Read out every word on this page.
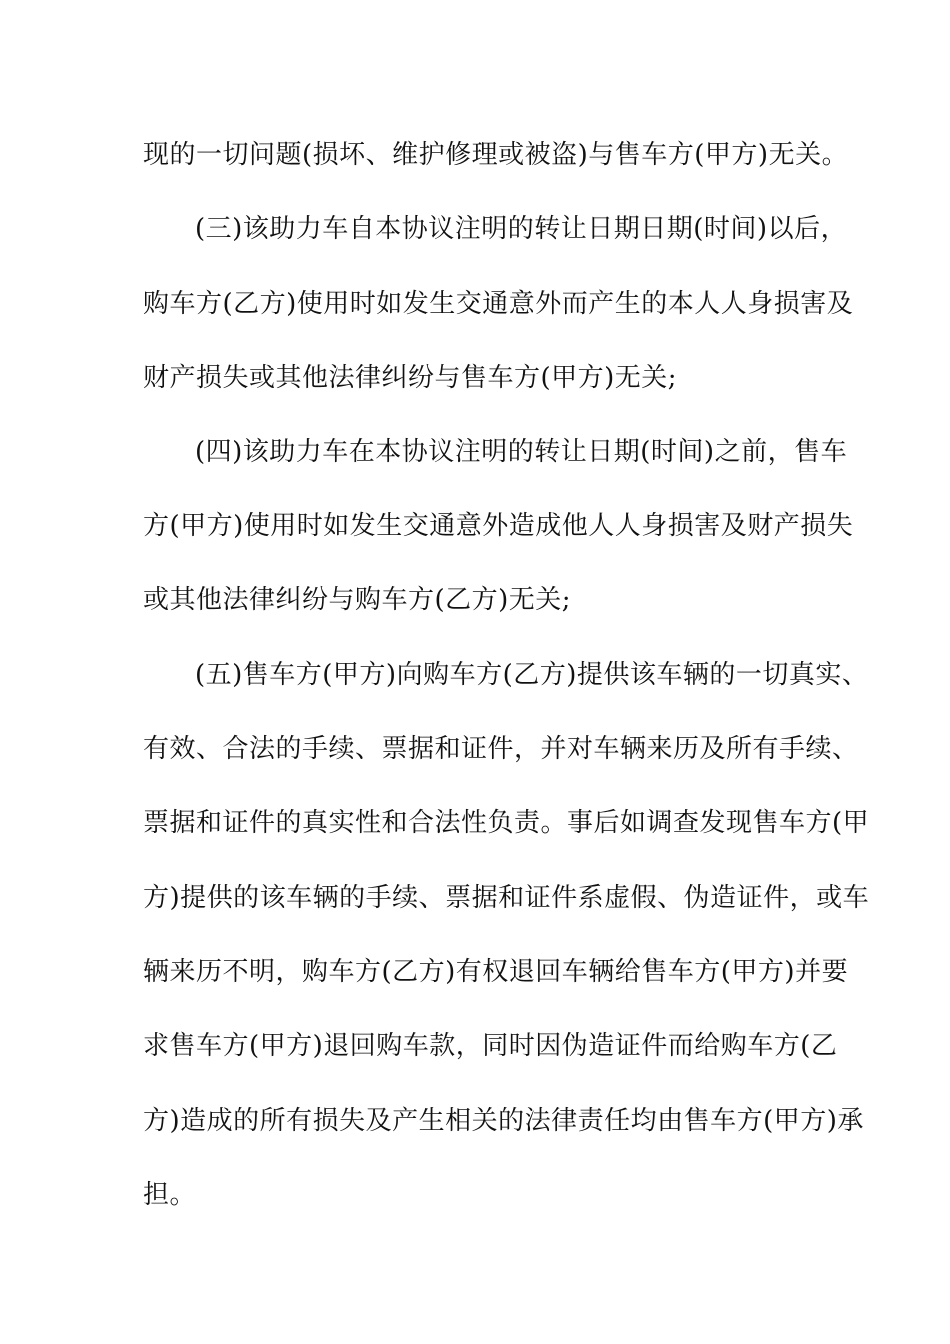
现的一切问题(损坏、维护修理或被盗)与售车方(甲方)无关。
(三)该助力车自本协议注明的转让日期日期(时间)以后，
购车方(乙方)使用时如发生交通意外而产生的本人人身损害及
财产损失或其他法律纠纷与售车方(甲方)无关;
(四)该助力车在本协议注明的转让日期(时间)之前，售车
方(甲方)使用时如发生交通意外造成他人人身损害及财产损失
或其他法律纠纷与购车方(乙方)无关;
(五)售车方(甲方)向购车方(乙方)提供该车辆的一切真实、
有效、合法的手续、票据和证件，并对车辆来历及所有手续、
票据和证件的真实性和合法性负责。事后如调查发现售车方(甲
方)提供的该车辆的手续、票据和证件系虚假、伪造证件，或车
辆来历不明，购车方(乙方)有权退回车辆给售车方(甲方)并要
求售车方(甲方)退回购车款，同时因伪造证件而给购车方(乙
方)造成的所有损失及产生相关的法律责任均由售车方(甲方)承
担。
